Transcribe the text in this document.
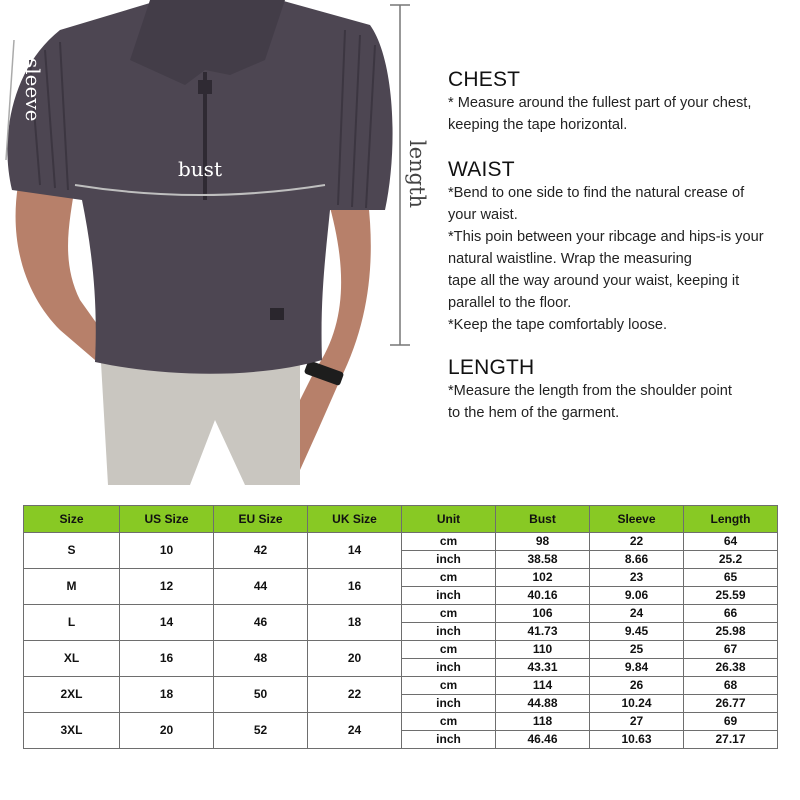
bust
sleeve
length
CHEST

* Measure around the fullest part of your chest,

keeping the tape horizontal.

WAIST

*Bend to one side to find the natural crease of

your waist.

*This poin between your ribcage and hips-is your

natural waistline. Wrap the measuring

tape all the way around your waist, keeping it

parallel to the floor.

*Keep the tape comfortably loose.

LENGTH

*Measure the length from the shoulder point

to the hem of the garment.

Size	US Size	EU Size	UK Size	Unit	Bust	Sleeve	Length
S	10	42	14	cm	98	22	64
				inch	38.58	8.66	25.2
M	12	44	16	cm	102	23	65
				inch	40.16	9.06	25.59
L	14	46	18	cm	106	24	66
				inch	41.73	9.45	25.98
XL	16	48	20	cm	110	25	67
				inch	43.31	9.84	26.38
2XL	18	50	22	cm	114	26	68
				inch	44.88	10.24	26.77
3XL	20	52	24	cm	118	27	69
				inch	46.46	10.63	27.17
